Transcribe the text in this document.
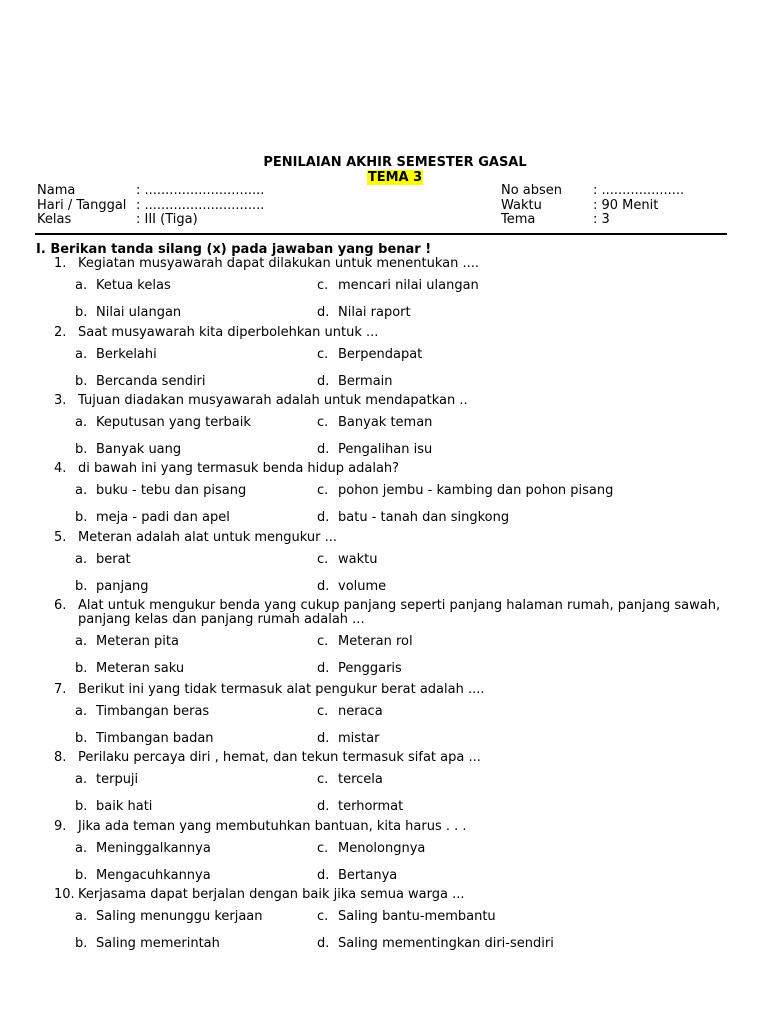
PENILAIAN AKHIR SEMESTER GASAL
TEMA 3
Nama	: .............................
Hari / Tanggal : .............................
Kelas	: III (Tiga)
No absen : ....................
Waktu	: 90 Menit
Tema	: 3
I. Berikan tanda silang (x) pada jawaban yang benar !
1. Kegiatan musyawarah dapat dilakukan untuk menentukan ....
a. Ketua kelas
b. Nilai ulangan
c. mencari nilai ulangan
d. Nilai raport
2. Saat musyawarah kita diperbolehkan untuk ...
a. Berkelahi
b. Bercanda sendiri
c. Berpendapat
d. Bermain
3. Tujuan diadakan musyawarah adalah untuk mendapatkan ..
a. Keputusan yang terbaik
b. Banyak uang
c. Banyak teman
d. Pengalihan isu
4. di bawah ini yang termasuk benda hidup adalah?
a. buku - tebu dan pisang
b. meja - padi dan apel
c. pohon jembu - kambing dan pohon pisang
d. batu - tanah dan singkong
5. Meteran adalah alat untuk mengukur ...
a. berat
b. panjang
c. waktu
d. volume
6. Alat untuk mengukur benda yang cukup panjang seperti panjang halaman rumah, panjang sawah, panjang kelas dan panjang rumah adalah ...
a. Meteran pita
b. Meteran saku
c. Meteran rol
d. Penggaris
7. Berikut ini yang tidak termasuk alat pengukur berat adalah ....
a. Timbangan beras
b. Timbangan badan
c. neraca
d. mistar
8. Perilaku percaya diri , hemat, dan tekun termasuk sifat apa ...
a. terpuji
b. baik hati
c. tercela
d. terhormat
9. Jika ada teman yang membutuhkan bantuan, kita harus . . .
a. Meninggalkannya
b. Mengacuhkannya
c. Menolongnya
d. Bertanya
10. Kerjasama dapat berjalan dengan baik jika semua warga ...
a. Saling menunggu kerjaan
b. Saling memerintah
c. Saling bantu-membantu
d. Saling mementingkan diri-sendiri
